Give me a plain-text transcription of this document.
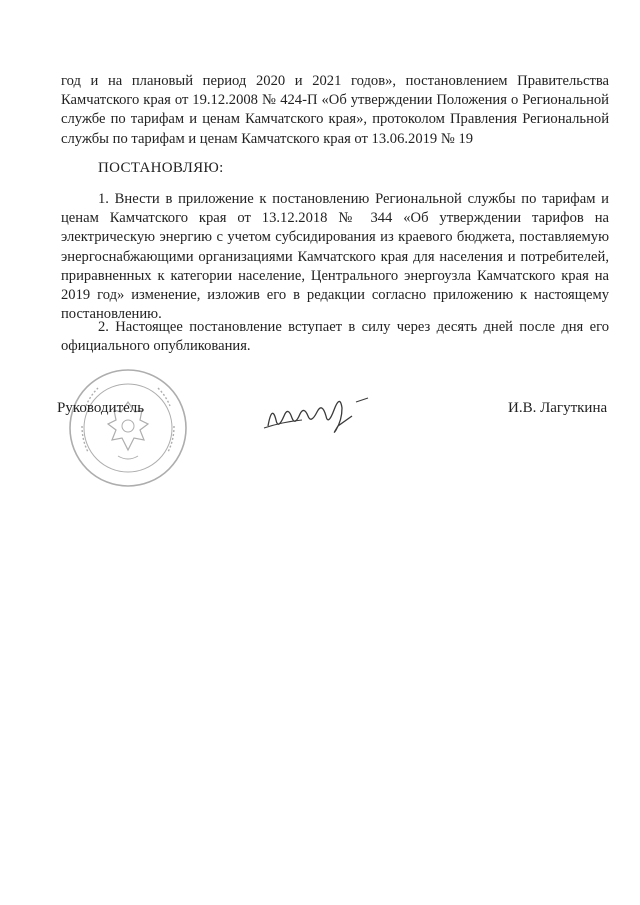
год и на плановый период 2020 и 2021 годов», постановлением Правительства Камчатского края от 19.12.2008 № 424-П «Об утверждении Положения о Региональной службе по тарифам и ценам Камчатского края», протоколом Правления Региональной службы по тарифам и ценам Камчатского края от 13.06.2019 № 19
ПОСТАНОВЛЯЮ:
1. Внести в приложение к постановлению Региональной службы по тарифам и ценам Камчатского края от 13.12.2018 № 344 «Об утверждении тарифов на электрическую энергию с учетом субсидирования из краевого бюджета, поставляемую энергоснабжающими организациями Камчатского края для населения и потребителей, приравненных к категории население, Центрального энергоузла Камчатского края на 2019 год» изменение, изложив его в редакции согласно приложению к настоящему постановлению.
2. Настоящее постановление вступает в силу через десять дней после дня его официального опубликования.
Руководитель	И.В. Лагуткина
